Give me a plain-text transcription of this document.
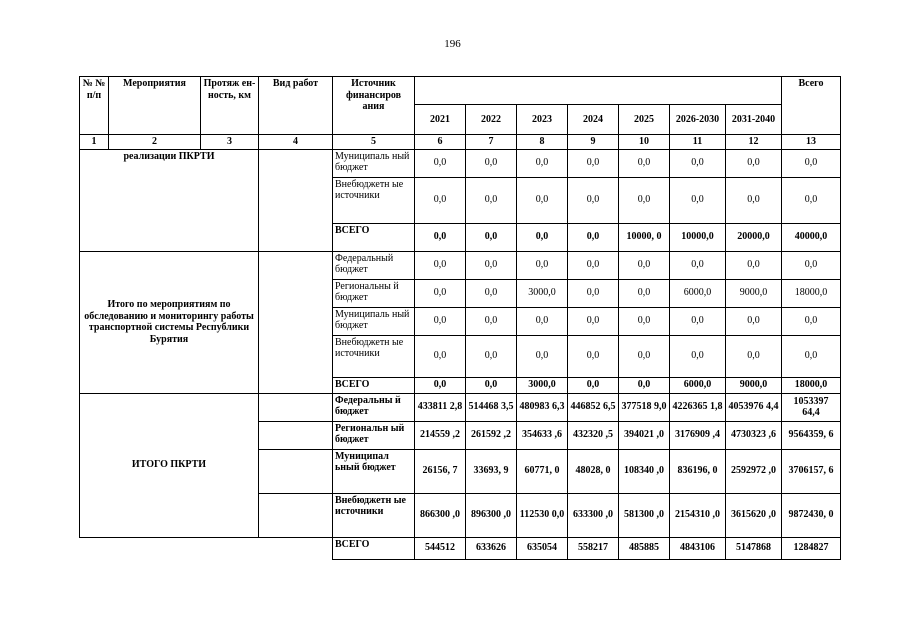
196
№ № п/п	Мероприятия	Протяж ен- ность, км	Вид работ	Источник финансиров ания								Всего
					2021	2022	2023	2024	2025	2026-2030	2031-2040	
1	2	3	4	5	6	7	8	9	10	11	12	13
реализации ПКРТИ				Муниципаль ный бюджет	0,0	0,0	0,0	0,0	0,0	0,0	0,0	0,0
				Внебюджетн ые источники	0,0	0,0	0,0	0,0	0,0	0,0	0,0	0,0
				ВСЕГО	0,0	0,0	0,0	0,0	10000, 0	10000,0	20000,0	40000,0
Итого по мероприятиям по обследованию и мониторингу работы транспортной системы Республики Бурятия				Федеральный бюджет	0,0	0,0	0,0	0,0	0,0	0,0	0,0	0,0
				Региональны й бюджет	0,0	0,0	3000,0	0,0	0,0	6000,0	9000,0	18000,0
				Муниципаль ный бюджет	0,0	0,0	0,0	0,0	0,0	0,0	0,0	0,0
				Внебюджетн ые источники	0,0	0,0	0,0	0,0	0,0	0,0	0,0	0,0
				ВСЕГО	0,0	0,0	3000,0	0,0	0,0	6000,0	9000,0	18000,0
ИТОГО ПКРТИ				Федеральны й бюджет	433811 2,8	514468 3,5	480983 6,3	446852 6,5	377518 9,0	4226365 1,8	4053976 4,4	1053397 64,4
				Региональн ый бюджет	214559 ,2	261592 ,2	354633 ,6	432320 ,5	394021 ,0	3176909 ,4	4730323 ,6	9564359, 6
				Муниципал ьный бюджет	26156, 7	33693, 9	60771, 0	48028, 0	108340 ,0	836196, 0	2592972 ,0	3706157, 6
				Внебюджетн ые источники	866300 ,0	896300 ,0	112530 0,0	633300 ,0	581300 ,0	2154310 ,0	3615620 ,0	9872430, 0
				ВСЕГО	544512	633626	635054	558217	485885	4843106	5147868	1284827
